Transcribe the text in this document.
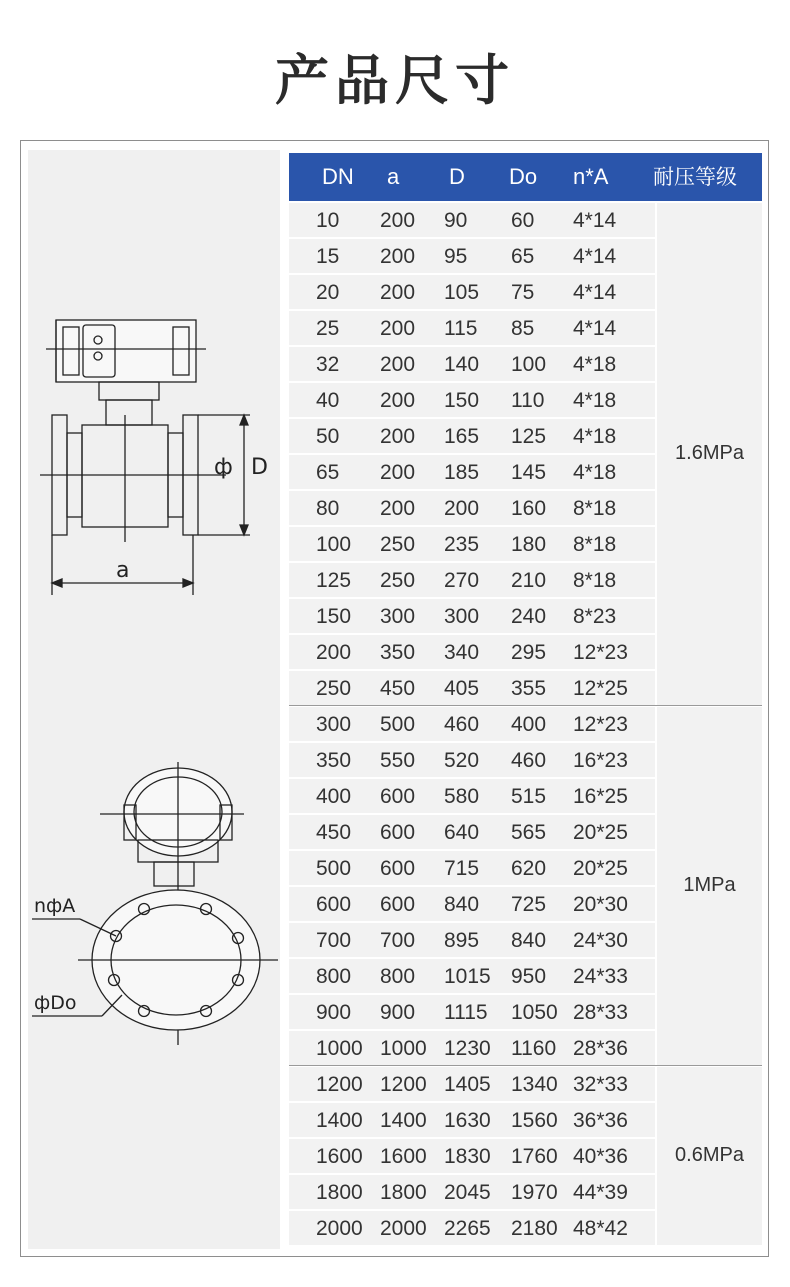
产品尺寸
ф D
a
nфA
фDo
DN a D Do n*A 耐压等级
10 200 90 60 4*14
15 200 95 65 4*14
20 200 105 75 4*14
25 200 115 85 4*14
32 200 140 100 4*18
40 200 150 110 4*18
50 200 165 125 4*18
65 200 185 145 4*18
80 200 200 160 8*18
100 250 235 180 8*18
125 250 270 210 8*18
150 300 300 240 8*23
200 350 340 295 12*23
250 450 405 355 12*25
300 500 460 400 12*23
350 550 520 460 16*23
400 600 580 515 16*25
450 600 640 565 20*25
500 600 715 620 20*25
600 600 840 725 20*30
700 700 895 840 24*30
800 800 1015 950 24*33
900 900 1115 1050 28*33
1000 1000 1230 1160 28*36
1200 1200 1405 1340 32*33
1400 1400 1630 1560 36*36
1600 1600 1830 1760 40*36
1800 1800 2045 1970 44*39
2000 2000 2265 2180 48*42
1.6MPa
1MPa
0.6MPa
